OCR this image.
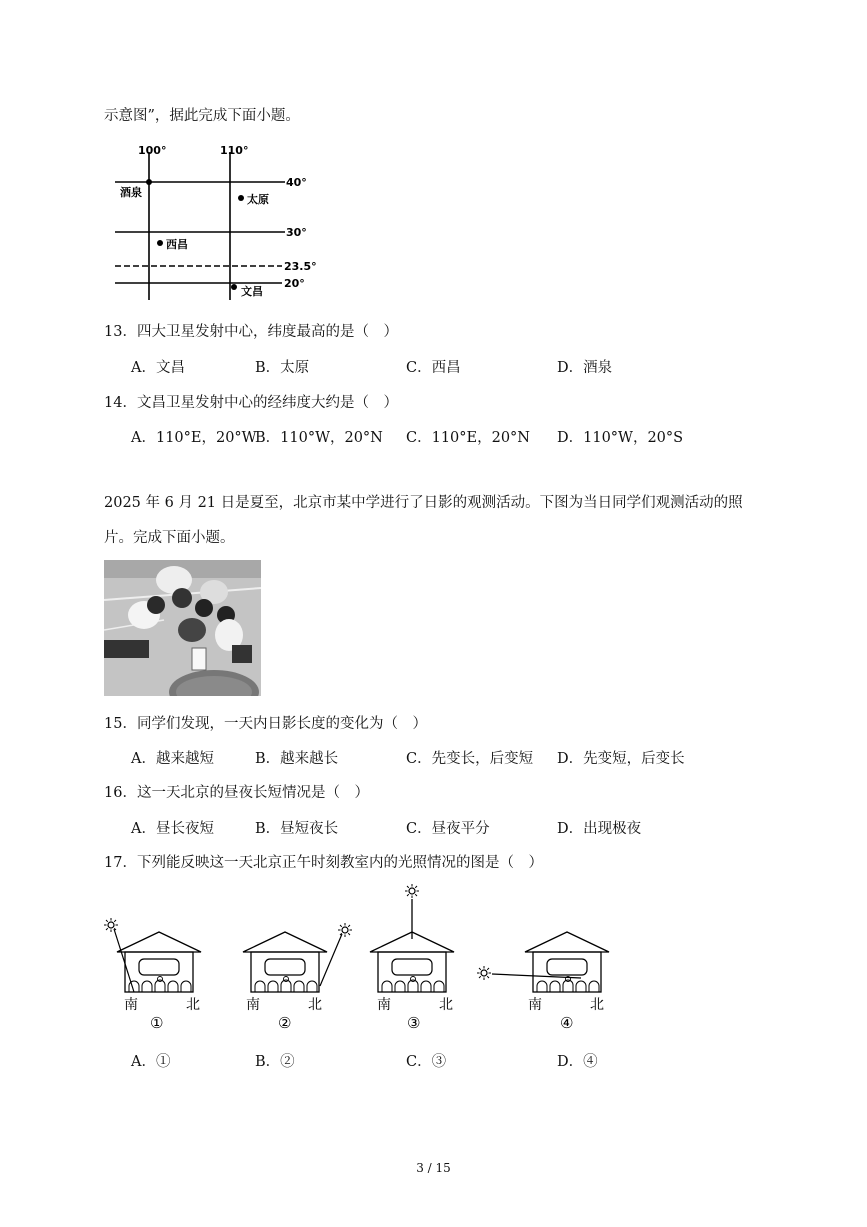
示意图”，据此完成下面小题。
100°	110°
40°
30°
23.5°
20°
酒泉
太原
西昌
文昌
13．四大卫星发射中心，纬度最高的是（　）
A．文昌	B．太原	C．西昌	D．酒泉
14．文昌卫星发射中心的经纬度大约是（　）
A．110°E，20°W
B．110°W，20°N C．110°E，20°N D．110°W，20°S
2025 年 6 月 21 日是夏至，北京市某中学进行了日影的观测活动。下图为当日同学们观测活动的照
片。完成下面小题。
15．同学们发现，一天内日影长度的变化为（　）
A．越来越短	B．越来越长	C．先变长，后变短 D．先变短，后变长
16．这一天北京的昼夜长短情况是（　）
A．昼长夜短	B．昼短夜长	C．昼夜平分	D．出现极夜
17．下列能反映这一天北京正午时刻教室内的光照情况的图是（　）
南	北	南	北	南	北	南	北
①	②	③	④
A．①	B．②	C．③	D．④
3 / 15
